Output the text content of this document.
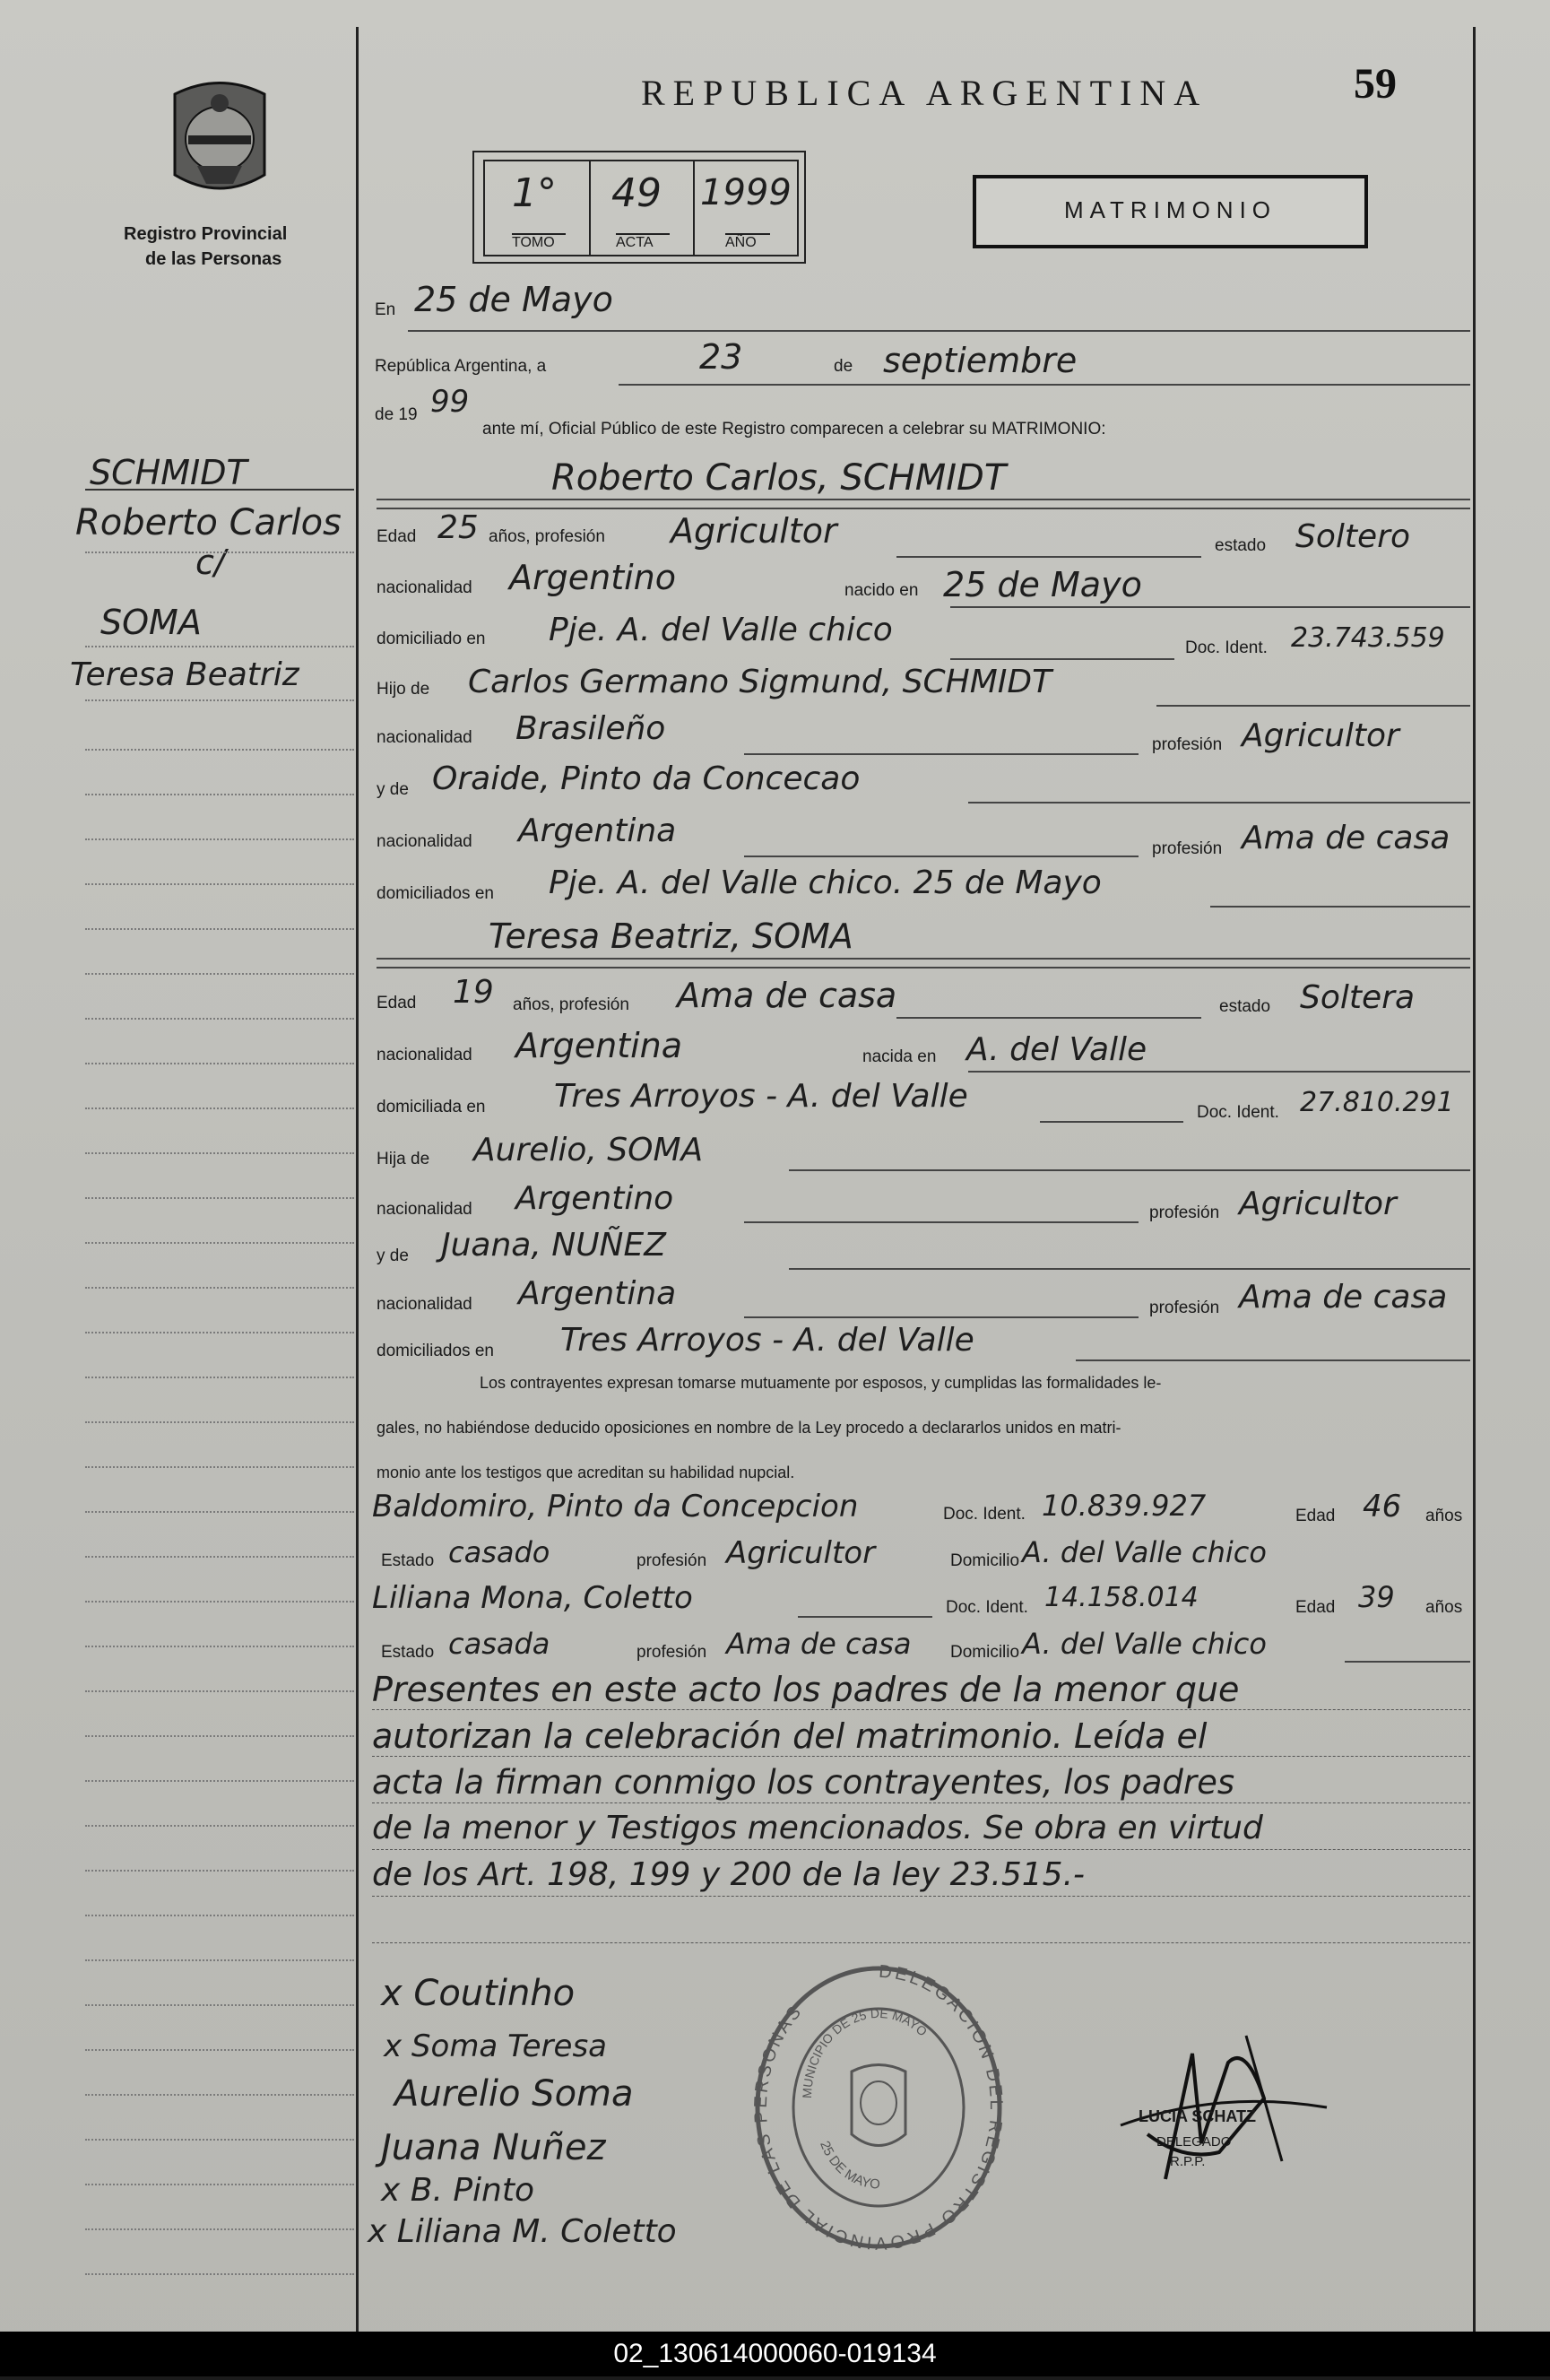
Registro Provincial
de las Personas
REPUBLICA ARGENTINA	59
1°
TOMO
49
ACTA
1999
AÑO
MATRIMONIO
SCHMIDT
Roberto Carlos
c/
SOMA
Teresa Beatriz
En 25 de Mayo
República Argentina, a	23	de septiembre
de 19 99
ante mí, Oficial Público de este Registro comparecen a celebrar su MATRIMONIO:
Roberto Carlos, SCHMIDT
Edad 25 años, profesión Agricultor	estado Soltero
nacionalidad Argentino	nacido en 25 de Mayo
domiciliado en Pje. A. del Valle chico	Doc. Ident. 23.743.559
Hijo de Carlos Germano Sigmund, SCHMIDT
nacionalidad Brasileño	profesión Agricultor
y de Oraide, Pinto da Concecao
nacionalidad Argentina	profesión Ama de casa
domiciliados en Pje. A. del Valle chico. 25 de Mayo
Teresa Beatriz, SOMA
Edad 19 años, profesión Ama de casa	estado Soltera
nacionalidad Argentina	nacida en A. del Valle
domiciliada en Tres Arroyos - A. del Valle	Doc. Ident. 27.810.291
Hija de Aurelio, SOMA
nacionalidad Argentino	profesión Agricultor
y de Juana, NUÑEZ
nacionalidad Argentina	profesión Ama de casa
domiciliados en Tres Arroyos - A. del Valle
Los contrayentes expresan tomarse mutuamente por esposos, y cumplidas las formalidades le-
gales, no habiéndose deducido oposiciones en nombre de la Ley procedo a declararlos unidos en matri-
monio ante los testigos que acreditan su habilidad nupcial.
Baldomiro, Pinto da Concepcion	Doc. Ident. 10.839.927	Edad 46 años
Estado casado	profesión Agricultor	Domicilio A. del Valle chico
Liliana Mona, Coletto	Doc. Ident. 14.158.014	Edad 39 años
Estado casada	profesión Ama de casa Domicilio A. del Valle chico
Presentes en este acto los padres de la menor que
autorizan la celebración del matrimonio. Leída el
acta la firman conmigo los contrayentes, los padres
de la menor y Testigos mencionados. Se obra en virtud
de los Art. 198, 199 y 200 de la ley 23.515.-
x Coutinho
x Soma Teresa
Aurelio Soma
Juana Nuñez
x B. Pinto
x Liliana M. Coletto
DELEGACION DEL REGISTRO PROVINCIAL DE LAS PERSONAS
MUNICIPIO DE 25 DE MAYO
25 DE MAYO
LUCIA SCHATZ
DELEGADO
R.P.P.
02_130614000060-019134
